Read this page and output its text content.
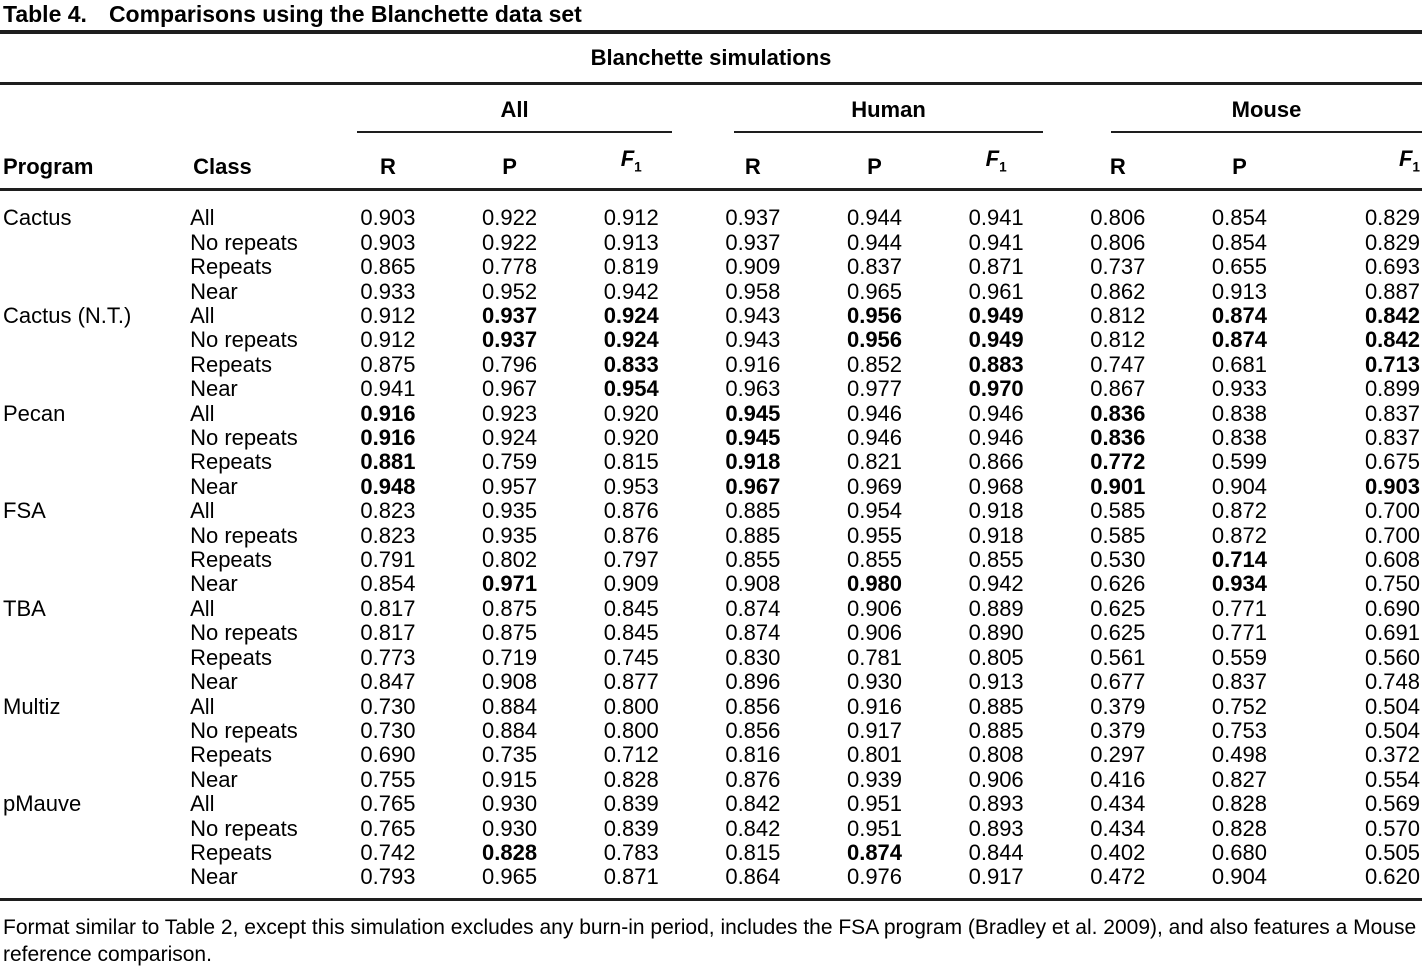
Table 4. Comparisons using the Blanchette data set
Blanchette simulations										

		All			Human			Mouse		

Program	Class	R	P	$F_1$	R	P	$F_1$	R	P	$F_1$
Cactus	All	0.903	0.922	0.912	0.937	0.944	0.941	0.806	0.854	0.829
	No repeats	0.903	0.922	0.913	0.937	0.944	0.941	0.806	0.854	0.829
	Repeats	0.865	0.778	0.819	0.909	0.837	0.871	0.737	0.655	0.693
	Near	0.933	0.952	0.942	0.958	0.965	0.961	0.862	0.913	0.887
Cactus (N.T.)	All	0.912	0.937	0.924	0.943	0.956	0.949	0.812	0.874	0.842
	No repeats	0.912	0.937	0.924	0.943	0.956	0.949	0.812	0.874	0.842
	Repeats	0.875	0.796	0.833	0.916	0.852	0.883	0.747	0.681	0.713
	Near	0.941	0.967	0.954	0.963	0.977	0.970	0.867	0.933	0.899
Pecan	All	0.916	0.923	0.920	0.945	0.946	0.946	0.836	0.838	0.837
	No repeats	0.916	0.924	0.920	0.945	0.946	0.946	0.836	0.838	0.837
	Repeats	0.881	0.759	0.815	0.918	0.821	0.866	0.772	0.599	0.675
	Near	0.948	0.957	0.953	0.967	0.969	0.968	0.901	0.904	0.903
FSA	All	0.823	0.935	0.876	0.885	0.954	0.918	0.585	0.872	0.700
	No repeats	0.823	0.935	0.876	0.885	0.955	0.918	0.585	0.872	0.700
	Repeats	0.791	0.802	0.797	0.855	0.855	0.855	0.530	0.714	0.608
	Near	0.854	0.971	0.909	0.908	0.980	0.942	0.626	0.934	0.750
TBA	All	0.817	0.875	0.845	0.874	0.906	0.889	0.625	0.771	0.690
	No repeats	0.817	0.875	0.845	0.874	0.906	0.890	0.625	0.771	0.691
	Repeats	0.773	0.719	0.745	0.830	0.781	0.805	0.561	0.559	0.560
	Near	0.847	0.908	0.877	0.896	0.930	0.913	0.677	0.837	0.748
Multiz	All	0.730	0.884	0.800	0.856	0.916	0.885	0.379	0.752	0.504
	No repeats	0.730	0.884	0.800	0.856	0.917	0.885	0.379	0.753	0.504
	Repeats	0.690	0.735	0.712	0.816	0.801	0.808	0.297	0.498	0.372
	Near	0.755	0.915	0.828	0.876	0.939	0.906	0.416	0.827	0.554
pMauve	All	0.765	0.930	0.839	0.842	0.951	0.893	0.434	0.828	0.569
	No repeats	0.765	0.930	0.839	0.842	0.951	0.893	0.434	0.828	0.570
	Repeats	0.742	0.828	0.783	0.815	0.874	0.844	0.402	0.680	0.505
	Near	0.793	0.965	0.871	0.864	0.976	0.917	0.472	0.904	0.620
Format similar to Table 2, except this simulation excludes any burn-in period, includes the FSA program (Bradley et al. 2009), and also features a Mouse reference comparison.
